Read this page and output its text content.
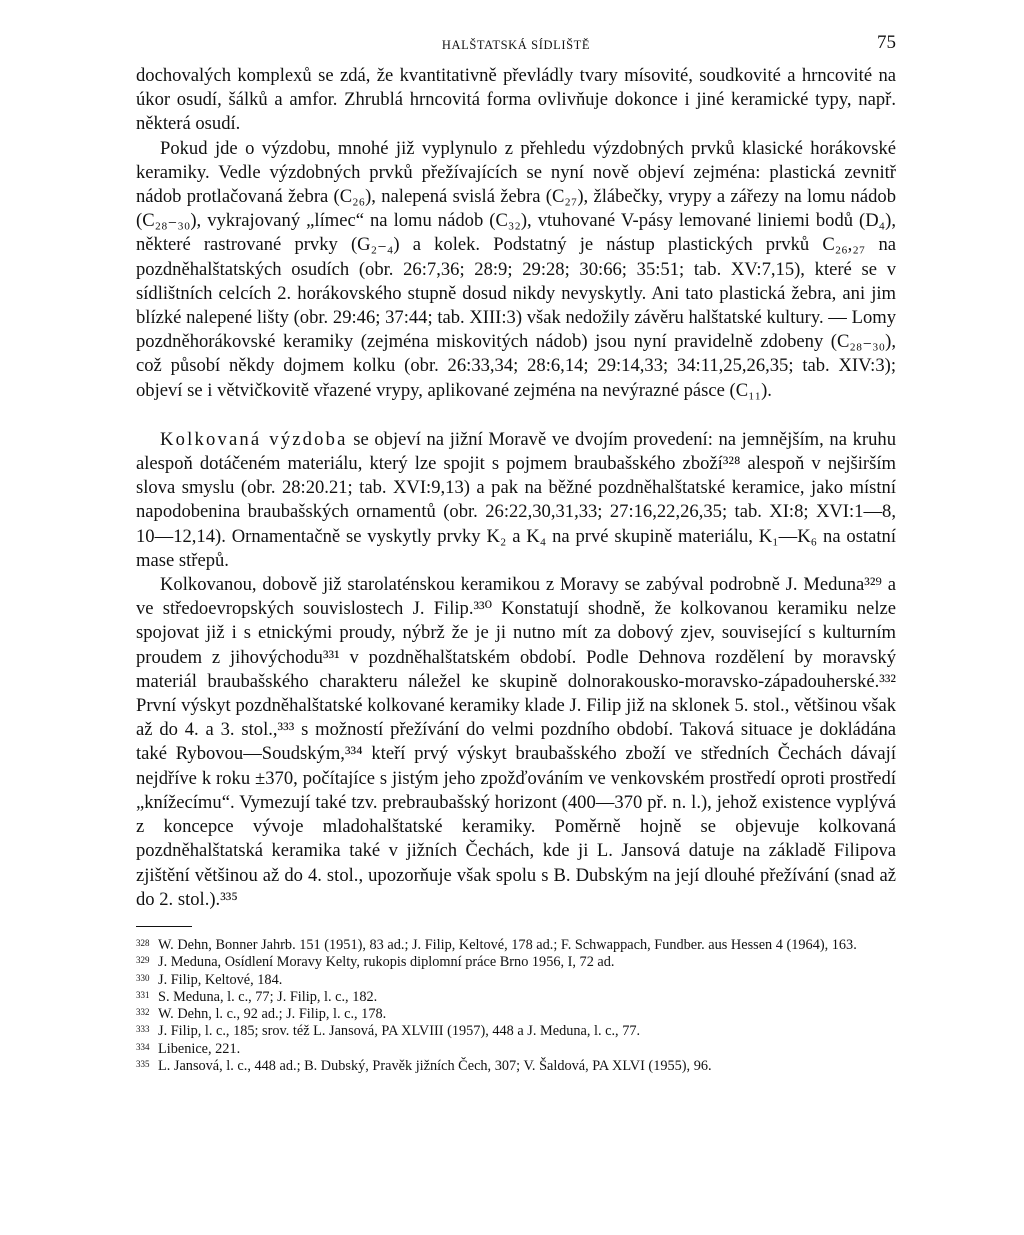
HALŠTATSKÁ SÍDLIŠTĚ	75

dochovalých komplexů se zdá, že kvantitativně převládly tvary mísovité, soudkovité a hrncovité na úkor osudí, šálků a amfor. Zhrublá hrncovitá forma ovlivňuje dokonce i jiné keramické typy, např. některá osudí.

Pokud jde o výzdobu, mnohé již vyplynulo z přehledu výzdobných prvků klasické horákovské keramiky. Vedle výzdobných prvků přežívajících se nyní nově objeví zejména: plastická zevnitř nádob protlačovaná žebra (C₂₆), nalepená svislá žebra (C₂₇), žlábečky, vrypy a zářezy na lomu nádob (C₂₈₋₃₀), vykrajovaný „límec“ na lomu nádob (C₃₂), vtuhované V-pásy lemované liniemi bodů (D₄), některé rastrované prvky (G₂₋₄) a kolek. Podstatný je nástup plastických prvků C₂₆,₂₇ na pozdněhalštatských osudích (obr. 26:7,36; 28:9; 29:28; 30:66; 35:51; tab. XV:7,15), které se v sídlištních celcích 2. horákovského stupně dosud nikdy nevyskytly. Ani tato plastická žebra, ani jim blízké nalepené lišty (obr. 29:46; 37:44; tab. XIII:3) však nedožily závěru halštatské kultury. — Lomy pozdněhorákovské keramiky (zejména miskovitých nádob) jsou nyní pravidelně zdobeny (C₂₈₋₃₀), což působí někdy dojmem kolku (obr. 26:33,34; 28:6,14; 29:14,33; 34:11,25,26,35; tab. XIV:3); objeví se i větvičkovitě vřazené vrypy, aplikované zejména na nevýrazné pásce (C₁₁).

Kolkovaná výzdoba se objeví na jižní Moravě ve dvojím provedení: na jemnějším, na kruhu alespoň dotáčeném materiálu, který lze spojit s pojmem braubašského zboží³²⁸ alespoň v nejširším slova smyslu (obr. 28:20.21; tab. XVI:9,13) a pak na běžné pozdněhalštatské keramice, jako místní napodobenina braubašských ornamentů (obr. 26:22,30,31,33; 27:16,22,26,35; tab. XI:8; XVI:1—8, 10—12,14). Ornamentačně se vyskytly prvky K₂ a K₄ na prvé skupině materiálu, K₁—K₆ na ostatní mase střepů.

Kolkovanou, dobově již starolaténskou keramikou z Moravy se zabýval podrobně J. Meduna³²⁹ a ve středoevropských souvislostech J. Filip.³³⁰ Konstatují shodně, že kolkovanou keramiku nelze spojovat již i s etnickými proudy, nýbrž že je ji nutno mít za dobový zjev, související s kulturním proudem z jihovýchodu³³¹ v pozdněhalštatském období. Podle Dehnova rozdělení by moravský materiál braubašského charakteru náležel ke skupině dolnorakousko-moravsko-západouherské.³³² První výskyt pozdněhalštatské kolkované keramiky klade J. Filip již na sklonek 5. stol., většinou však až do 4. a 3. stol.,³³³ s možností přežívání do velmi pozdního období. Taková situace je dokládána také Rybovou—Soudským,³³⁴ kteří prvý výskyt braubašského zboží ve středních Čechách dávají nejdříve k roku ±370, počítajíce s jistým jeho zpožďováním ve venkovském prostředí oproti prostředí „knížecímu“. Vymezují také tzv. prebraubašský horizont (400—370 př. n. l.), jehož existence vyplývá z koncepce vývoje mladohalštatské keramiky. Poměrně hojně se objevuje kolkovaná pozdněhalštatská keramika také v jižních Čechách, kde ji L. Jansová datuje na základě Filipova zjištění většinou až do 4. stol., upozorňuje však spolu s B. Dubským na její dlouhé přežívání (snad až do 2. stol.).³³⁵

328 W. Dehn, Bonner Jahrb. 151 (1951), 83 ad.; J. Filip, Keltové, 178 ad.; F. Schwappach, Fundber. aus Hessen 4 (1964), 163.
329 J. Meduna, Osídlení Moravy Kelty, rukopis diplomní práce Brno 1956, I, 72 ad.
330 J. Filip, Keltové, 184.
331 S. Meduna, l. c., 77; J. Filip, l. c., 182.
332 W. Dehn, l. c., 92 ad.; J. Filip, l. c., 178.
333 J. Filip, l. c., 185; srov. též L. Jansová, PA XLVIII (1957), 448 a J. Meduna, l. c., 77.
334 Libenice, 221.
335 L. Jansová, l. c., 448 ad.; B. Dubský, Pravěk jižních Čech, 307; V. Šaldová, PA XLVI (1955), 96.
